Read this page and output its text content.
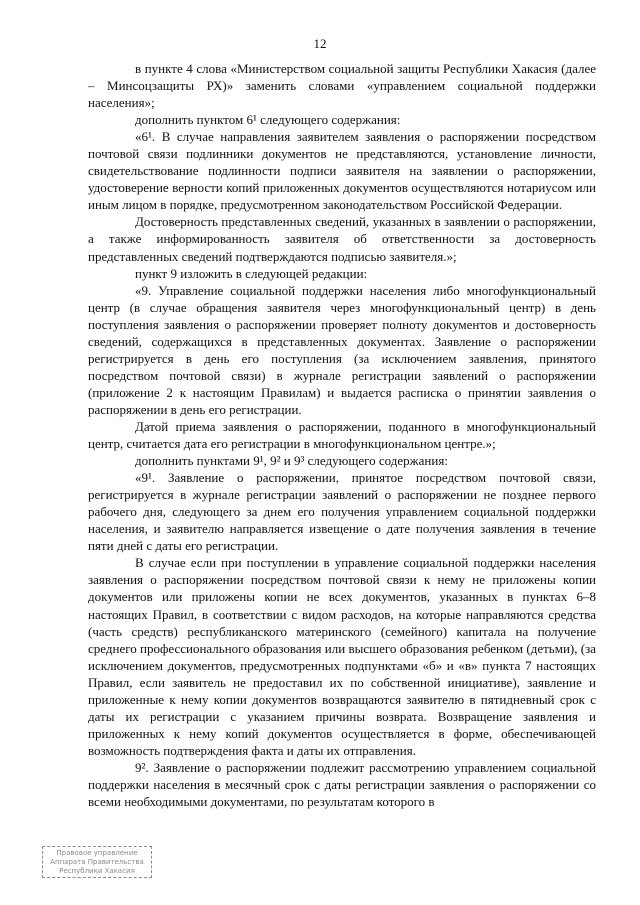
12

в пункте 4 слова «Министерством социальной защиты Республики Хакасия (далее – Минсоцзащиты РХ)» заменить словами «управлением социальной поддержки населения»;

дополнить пунктом 6¹ следующего содержания:

«6¹. В случае направления заявителем заявления о распоряжении посредством почтовой связи подлинники документов не представляются, установление личности, свидетельствование подлинности подписи заявителя на заявлении о распоряжении, удостоверение верности копий приложенных документов осуществляются нотариусом или иным лицом в порядке, предусмотренном законодательством Российской Федерации.

Достоверность представленных сведений, указанных в заявлении о распоряжении, а также информированность заявителя об ответственности за достоверность представленных сведений подтверждаются подписью заявителя.»;

пункт 9 изложить в следующей редакции:

«9. Управление социальной поддержки населения либо многофункциональный центр (в случае обращения заявителя через многофункциональный центр) в день поступления заявления о распоряжении проверяет полноту документов и достоверность сведений, содержащихся в представленных документах. Заявление о распоряжении регистрируется в день его поступления (за исключением заявления, принятого посредством почтовой связи) в журнале регистрации заявлений о распоряжении (приложение 2 к настоящим Правилам) и выдается расписка о принятии заявления о распоряжении в день его регистрации.

Датой приема заявления о распоряжении, поданного в многофункциональный центр, считается дата его регистрации в многофункциональном центре.»;

дополнить пунктами 9¹, 9² и 9³ следующего содержания:

«9¹. Заявление о распоряжении, принятое посредством почтовой связи, регистрируется в журнале регистрации заявлений о распоряжении не позднее первого рабочего дня, следующего за днем его получения управлением социальной поддержки населения, и заявителю направляется извещение о дате получения заявления в течение пяти дней с даты его регистрации.

В случае если при поступлении в управление социальной поддержки населения заявления о распоряжении посредством почтовой связи к нему не приложены копии документов или приложены копии не всех документов, указанных в пунктах 6–8 настоящих Правил, в соответствии с видом расходов, на которые направляются средства (часть средств) республиканского материнского (семейного) капитала на получение среднего профессионального образования или высшего образования ребенком (детьми), (за исключением документов, предусмотренных подпунктами «б» и «в» пункта 7 настоящих Правил, если заявитель не предоставил их по собственной инициативе), заявление и приложенные к нему копии документов возвращаются заявителю в пятидневный срок с даты их регистрации с указанием причины возврата. Возвращение заявления и приложенных к нему копий документов осуществляется в форме, обеспечивающей возможность подтверждения факта и даты их отправления.

9². Заявление о распоряжении подлежит рассмотрению управлением социальной поддержки населения в месячный срок с даты регистрации заявления о распоряжении со всеми необходимыми документами, по результатам которого в

Правовое управление Аппарата Правительства Республики Хакасия
